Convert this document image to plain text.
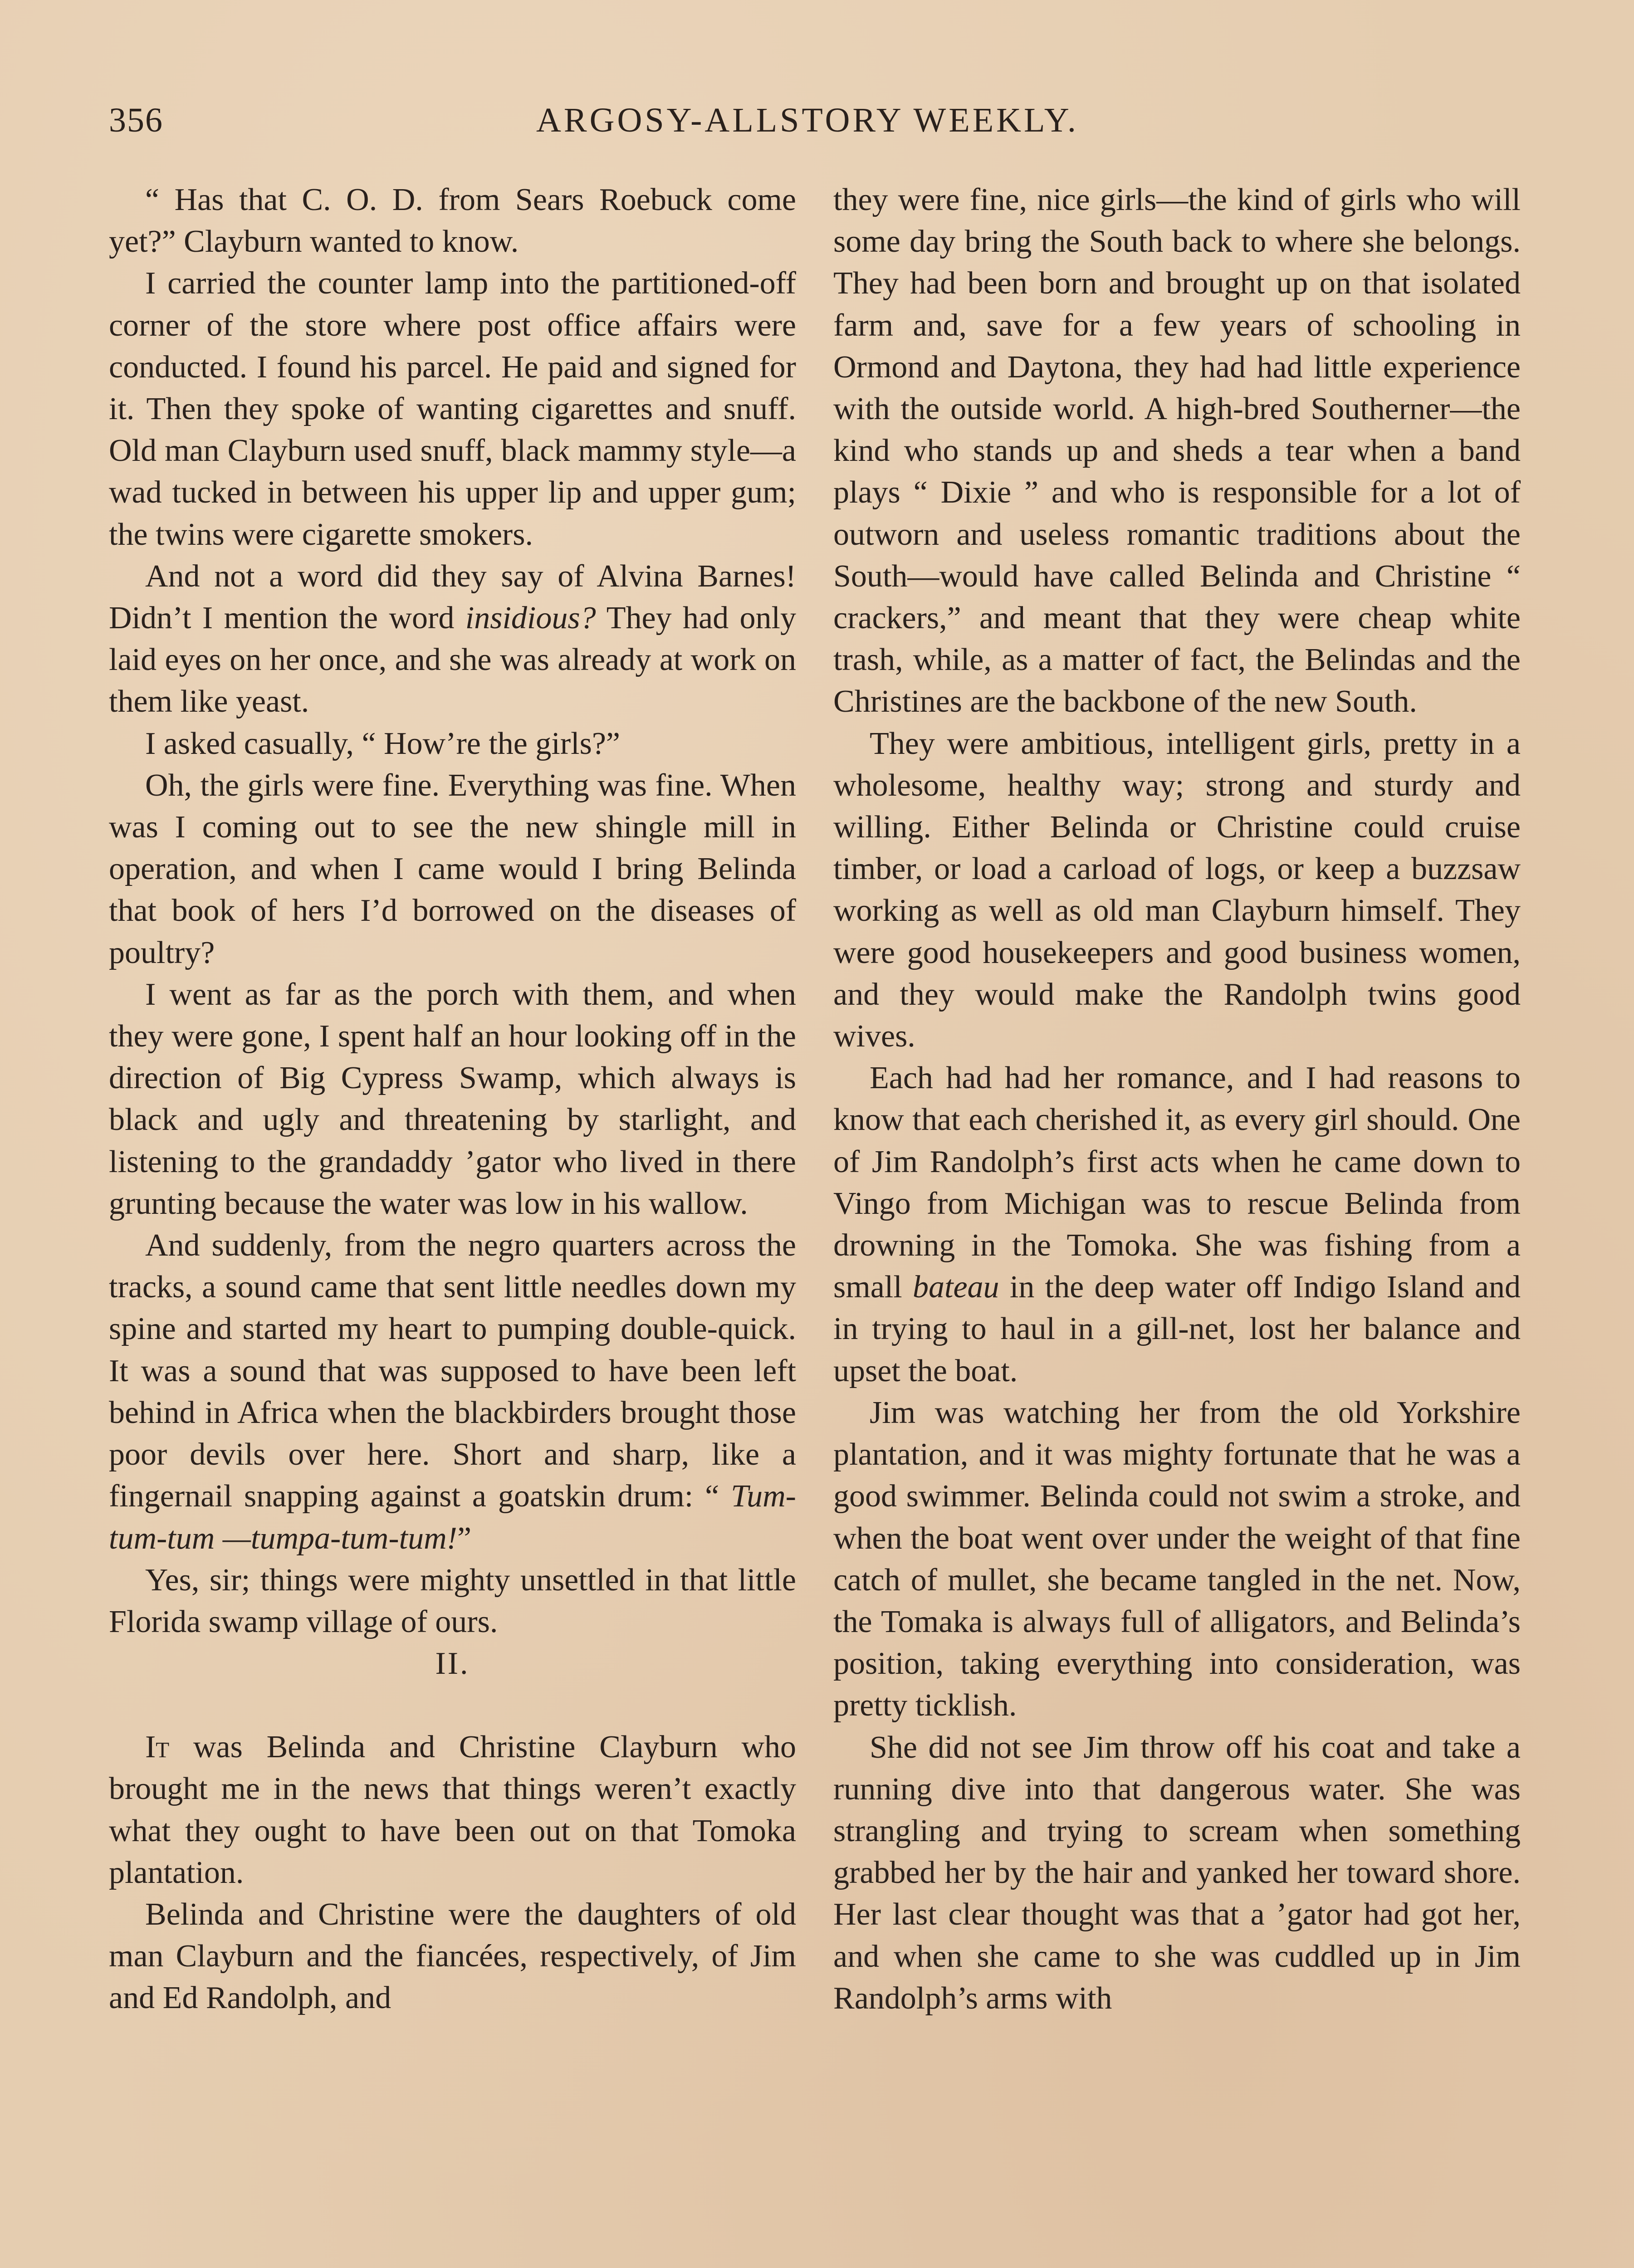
356	ARGOSY-ALLSTORY WEEKLY.

“ Has that C. O. D. from Sears Roebuck come yet?” Clayburn wanted to know.

I carried the counter lamp into the partitioned-off corner of the store where post office affairs were conducted. I found his parcel. He paid and signed for it. Then they spoke of wanting cigarettes and snuff. Old man Clayburn used snuff, black mammy style—a wad tucked in between his upper lip and upper gum; the twins were cigarette smokers.

And not a word did they say of Alvina Barnes! Didn’t I mention the word insidious? They had only laid eyes on her once, and she was already at work on them like yeast.

I asked casually, “ How’re the girls?”

Oh, the girls were fine. Everything was fine. When was I coming out to see the new shingle mill in operation, and when I came would I bring Belinda that book of hers I’d borrowed on the diseases of poultry?

I went as far as the porch with them, and when they were gone, I spent half an hour looking off in the direction of Big Cypress Swamp, which always is black and ugly and threatening by starlight, and listening to the grandaddy ’gator who lived in there grunting because the water was low in his wallow.

And suddenly, from the negro quarters across the tracks, a sound came that sent little needles down my spine and started my heart to pumping double-quick. It was a sound that was supposed to have been left behind in Africa when the blackbirders brought those poor devils over here. Short and sharp, like a fingernail snapping against a goatskin drum: “ Tum-tum-tum —tumpa-tum-tum!”

Yes, sir; things were mighty unsettled in that little Florida swamp village of ours.

II.

It was Belinda and Christine Clayburn who brought me in the news that things weren’t exactly what they ought to have been out on that Tomoka plantation.

Belinda and Christine were the daughters of old man Clayburn and the fiancées, respectively, of Jim and Ed Randolph, and

they were fine, nice girls—the kind of girls who will some day bring the South back to where she belongs. They had been born and brought up on that isolated farm and, save for a few years of schooling in Ormond and Daytona, they had had little experience with the outside world. A high-bred Southerner—the kind who stands up and sheds a tear when a band plays “ Dixie ” and who is responsible for a lot of outworn and useless romantic traditions about the South—would have called Belinda and Christine “ crackers,” and meant that they were cheap white trash, while, as a matter of fact, the Belindas and the Christines are the backbone of the new South.

They were ambitious, intelligent girls, pretty in a wholesome, healthy way; strong and sturdy and willing. Either Belinda or Christine could cruise timber, or load a carload of logs, or keep a buzzsaw working as well as old man Clayburn himself. They were good housekeepers and good business women, and they would make the Randolph twins good wives.

Each had had her romance, and I had reasons to know that each cherished it, as every girl should. One of Jim Randolph’s first acts when he came down to Vingo from Michigan was to rescue Belinda from drowning in the Tomoka. She was fishing from a small bateau in the deep water off Indigo Island and in trying to haul in a gill-net, lost her balance and upset the boat.

Jim was watching her from the old Yorkshire plantation, and it was mighty fortunate that he was a good swimmer. Belinda could not swim a stroke, and when the boat went over under the weight of that fine catch of mullet, she became tangled in the net. Now, the Tomaka is always full of alligators, and Belinda’s position, taking everything into consideration, was pretty ticklish.

She did not see Jim throw off his coat and take a running dive into that dangerous water. She was strangling and trying to scream when something grabbed her by the hair and yanked her toward shore. Her last clear thought was that a ’gator had got her, and when she came to she was cuddled up in Jim Randolph’s arms with
